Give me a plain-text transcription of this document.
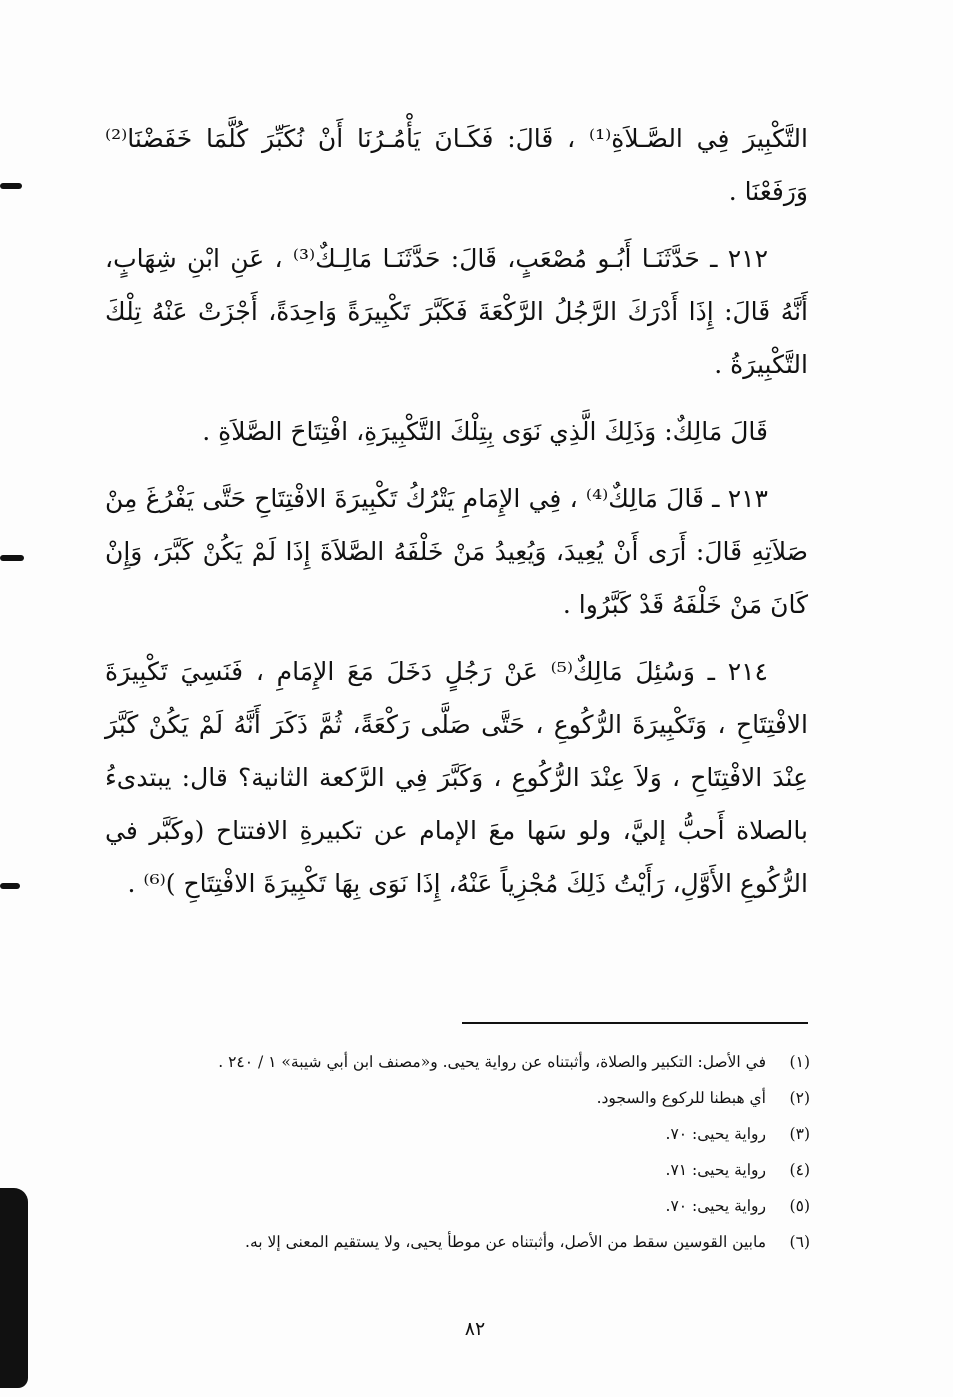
التَّكْبِيرَ فِي الصَّـلاَةِ⁽¹⁾ ، قَالَ: فَكَـانَ يَأْمُـرُنَا أَنْ نُكَبِّرَ كُلَّمَا خَفَضْنَا⁽²⁾ وَرَفَعْنَا .

٢١٢ ـ حَدَّثَنَـا أَبُـو مُصْعَبٍ، قَالَ: حَدَّثَنَـا مَالِـكٌ⁽³⁾ ، عَنِ ابْنِ شِهَابٍ، أَنَّهُ قَالَ: إِذَا أَدْرَكَ الرَّجُلُ الرَّكْعَةَ فَكَبَّرَ تَكْبِيرَةً وَاحِدَةً، أَجْزَتْ عَنْهُ تِلْكَ التَّكْبِيرَةُ .

قَالَ مَالِكٌ: وَذَلِكَ الَّذِي نَوَى بِتِلْكَ التَّكْبِيرَةِ، افْتِتَاحَ الصَّلاَةِ .

٢١٣ ـ قَالَ مَالِكٌ⁽⁴⁾ ، فِي الإِمَامِ يَتْرُكُ تَكْبِيرَةَ الافْتِتَاحِ حَتَّى يَفْرُغَ مِنْ صَلاَتِهِ قَالَ: أَرَى أَنْ يُعِيدَ، وَيُعِيدُ مَنْ خَلْفَهُ الصَّلاَةَ إِذَا لَمْ يَكُنْ كَبَّرَ، وَإِنْ كَانَ مَنْ خَلْفَهُ قَدْ كَبَّرُوا .

٢١٤ ـ وَسُئِلَ مَالِكٌ⁽⁵⁾ عَنْ رَجُلٍ دَخَلَ مَعَ الإِمَامِ ، فَنَسِيَ تَكْبِيرَةَ الافْتِتَاحِ ، وَتَكْبِيرَةَ الرُّكُوعِ ، حَتَّى صَلَّى رَكْعَةً، ثُمَّ ذَكَرَ أَنَّهُ لَمْ يَكُنْ كَبَّرَ عِنْدَ الافْتِتَاحِ ، وَلاَ عِنْدَ الرُّكُوعِ ، وَكَبَّرَ فِي الرَّكعة الثانية؟ قال: يبتدىءُ بالصلاة أَحبُّ إليَّ، ولو سَها معَ الإمام عن تكبيرةِ الافتتاح (وكَبَّر في الرُّكُوعِ الأَوَّلِ، رَأَيْتُ ذَلِكَ مُجْزِياً عَنْهُ، إِذَا نَوَى بِهَا تَكْبِيرَةَ الافْتِتَاحِ )⁽⁶⁾ .

(١)
في الأصل: التكبير والصلاة، وأثبتناه عن رواية يحيى. و«مصنف ابن أبي شيبة» ١ / ٢٤٠ .
(٢)
أي هبطنا للركوع والسجود.
(٣)
رواية يحيى: ٧٠.
(٤)
رواية يحيى: ٧١.
(٥)
رواية يحيى: ٧٠.
(٦)
مابين القوسين سقط من الأصل، وأثبتناه عن موطأ يحيى، ولا يستقيم المعنى إلا به.
٨٢
